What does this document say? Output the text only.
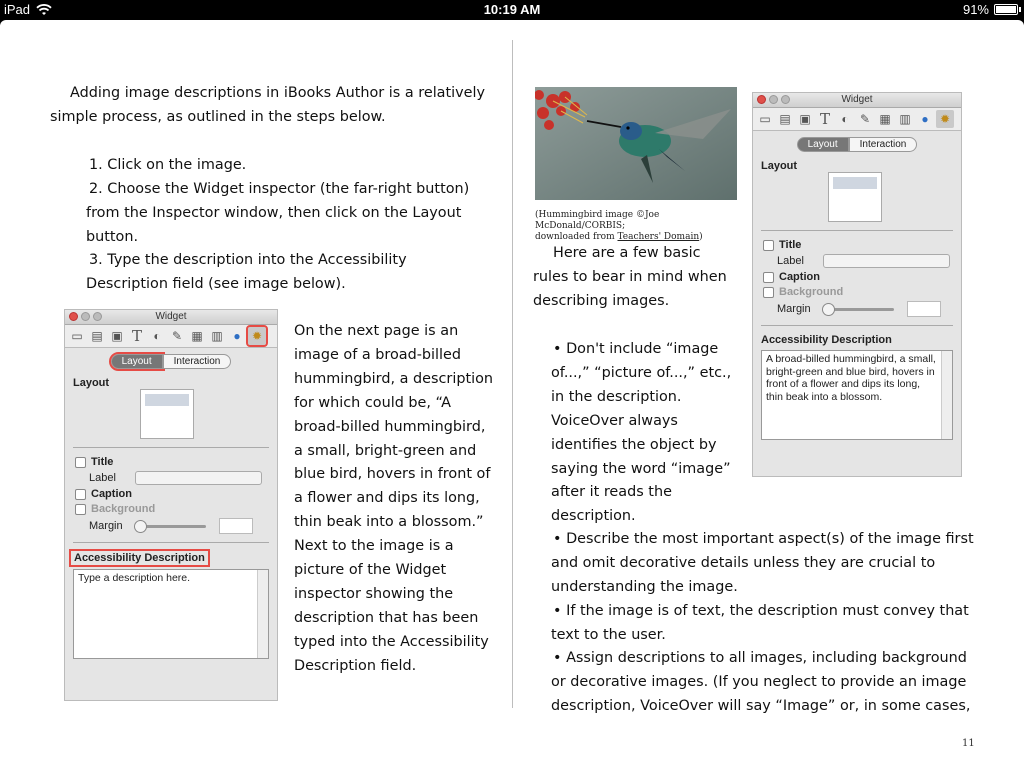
iPad	10:19 AM	91%
Adding image descriptions in iBooks Author is a relatively simple process, as outlined in the steps below.
1. Click on the image.
2. Choose the Widget inspector (the far-right button) from the Inspector window, then click on the Layout button.
3. Type the description into the Accessibility Description field (see image below).
Widget
▭ ▤ ▣ T ◐ ✎ ▦ ▥ ● ✹
Layout	Interaction
Layout
Title
Label
Caption
Background
Margin
Accessibility Description
Type a description here.
On the next page is an image of a broad-billed hummingbird, a description for which could be, “A broad-billed hummingbird, a small, bright-green and blue bird, hovers in front of a flower and dips its long, thin beak into a blossom.” Next to the image is a picture of the Widget inspector showing the description that has been typed into the Accessibility Description field.
(Hummingbird image ©Joe McDonald/CORBIS;
downloaded from Teachers' Domain)
Here are a few basic rules to bear in mind when describing images.
Widget
▭ ▤ ▣ T ◐ ✎ ▦ ▥ ● ✹
Layout	Interaction
Layout
Title
Label
Caption
Background
Margin
Accessibility Description
A broad-billed hummingbird, a small, bright-green and blue bird, hovers in front of a flower and dips its long, thin beak into a blossom.
• Don't include “image of...,” “picture of...,” etc., in the description. VoiceOver always identifies the object by saying the word “image” after it reads the description.
• Describe the most important aspect(s) of the image first and omit decorative details unless they are crucial to understanding the image.
• If the image is of text, the description must convey that text to the user.
• Assign descriptions to all images, including background or decorative images. (If you neglect to provide an image description, VoiceOver will say “Image” or, in some cases,
11
